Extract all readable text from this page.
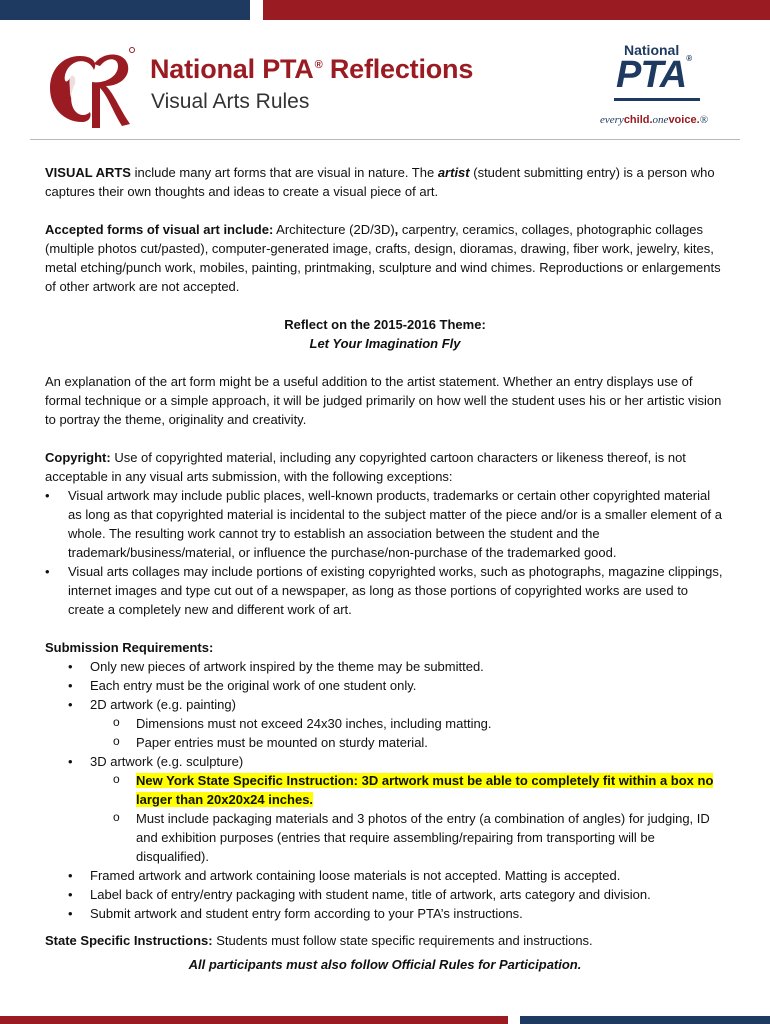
National PTA® Reflections
Visual Arts Rules
National
PTA®
everychild.onevoice.®

VISUAL ARTS include many art forms that are visual in nature. The artist (student submitting entry) is a person who captures their own thoughts and ideas to create a visual piece of art.

Accepted forms of visual art include: Architecture (2D/3D), carpentry, ceramics, collages, photographic collages (multiple photos cut/pasted), computer-generated image, crafts, design, dioramas, drawing, fiber work, jewelry, kites, metal etching/punch work, mobiles, painting, printmaking, sculpture and wind chimes. Reproductions or enlargements of other artwork are not accepted.

Reflect on the 2015-2016 Theme:

Let Your Imagination Fly

An explanation of the art form might be a useful addition to the artist statement. Whether an entry displays use of formal technique or a simple approach, it will be judged primarily on how well the student uses his or her artistic vision to portray the theme, originality and creativity.

Copyright: Use of copyrighted material, including any copyrighted cartoon characters or likeness thereof, is not acceptable in any visual arts submission, with the following exceptions:

• Visual artwork may include public places, well-known products, trademarks or certain other copyrighted material as long as that copyrighted material is incidental to the subject matter of the piece and/or is a smaller element of a whole. The resulting work cannot try to establish an association between the student and the trademark/business/material, or influence the purchase/non-purchase of the trademarked good.
• Visual arts collages may include portions of existing copyrighted works, such as photographs, magazine clippings, internet images and type cut out of a newspaper, as long as those portions of copyrighted works are used to create a completely new and different work of art.

Submission Requirements:

• Only new pieces of artwork inspired by the theme may be submitted.
• Each entry must be the original work of one student only.
• 2D artwork (e.g. painting)
o Dimensions must not exceed 24x30 inches, including matting.
o Paper entries must be mounted on sturdy material.
• 3D artwork (e.g. sculpture)
o New York State Specific Instruction: 3D artwork must be able to completely fit within a box no larger than 20x20x24 inches.
o Must include packaging materials and 3 photos of the entry (a combination of angles) for judging, ID and exhibition purposes (entries that require assembling/repairing from transporting will be disqualified).
• Framed artwork and artwork containing loose materials is not accepted. Matting is accepted.
• Label back of entry/entry packaging with student name, title of artwork, arts category and division.
• Submit artwork and student entry form according to your PTA’s instructions.

State Specific Instructions: Students must follow state specific requirements and instructions.

All participants must also follow Official Rules for Participation.
